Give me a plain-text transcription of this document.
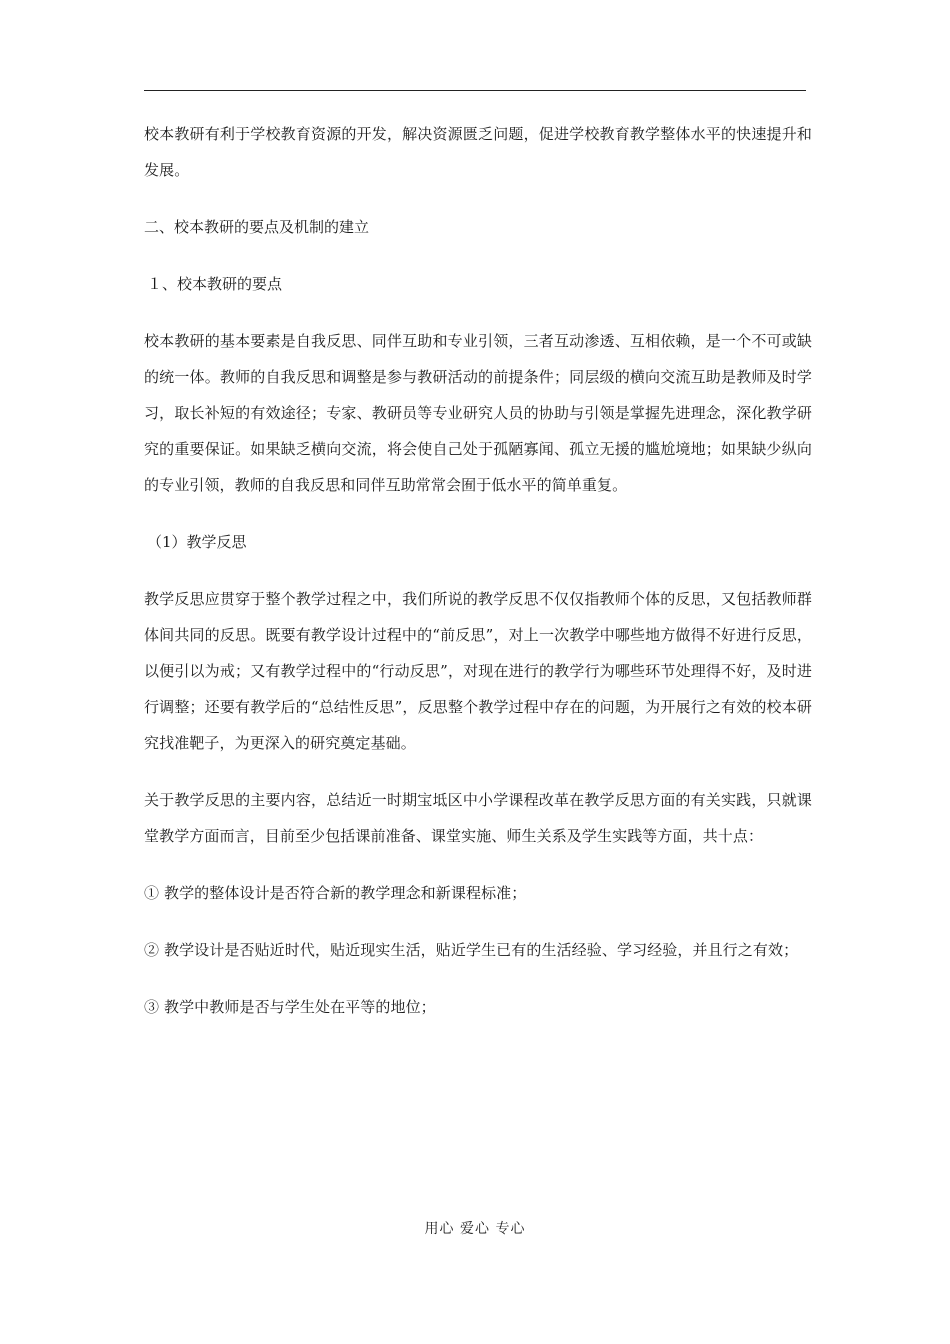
校本教研有利于学校教育资源的开发，解决资源匮乏问题，促进学校教育教学整体水平的快速提升和发展。

二、校本教研的要点及机制的建立

１、校本教研的要点

校本教研的基本要素是自我反思、同伴互助和专业引领，三者互动渗透、互相依赖，是一个不可或缺的统一体。教师的自我反思和调整是参与教研活动的前提条件；同层级的横向交流互助是教师及时学习，取长补短的有效途径；专家、教研员等专业研究人员的协助与引领是掌握先进理念，深化教学研究的重要保证。如果缺乏横向交流，将会使自己处于孤陋寡闻、孤立无援的尴尬境地；如果缺少纵向的专业引领，教师的自我反思和同伴互助常常会囿于低水平的简单重复。

（1）教学反思

教学反思应贯穿于整个教学过程之中，我们所说的教学反思不仅仅指教师个体的反思，又包括教师群体间共同的反思。既要有教学设计过程中的“前反思”，对上一次教学中哪些地方做得不好进行反思，以便引以为戒；又有教学过程中的“行动反思”，对现在进行的教学行为哪些环节处理得不好，及时进行调整；还要有教学后的“总结性反思”，反思整个教学过程中存在的问题，为开展行之有效的校本研究找准靶子，为更深入的研究奠定基础。

关于教学反思的主要内容，总结近一时期宝坻区中小学课程改革在教学反思方面的有关实践，只就课堂教学方面而言，目前至少包括课前准备、课堂实施、师生关系及学生实践等方面，共十点：

① 教学的整体设计是否符合新的教学理念和新课程标准；

② 教学设计是否贴近时代，贴近现实生活，贴近学生已有的生活经验、学习经验，并且行之有效；

③ 教学中教师是否与学生处在平等的地位；

用心 爱心 专心
